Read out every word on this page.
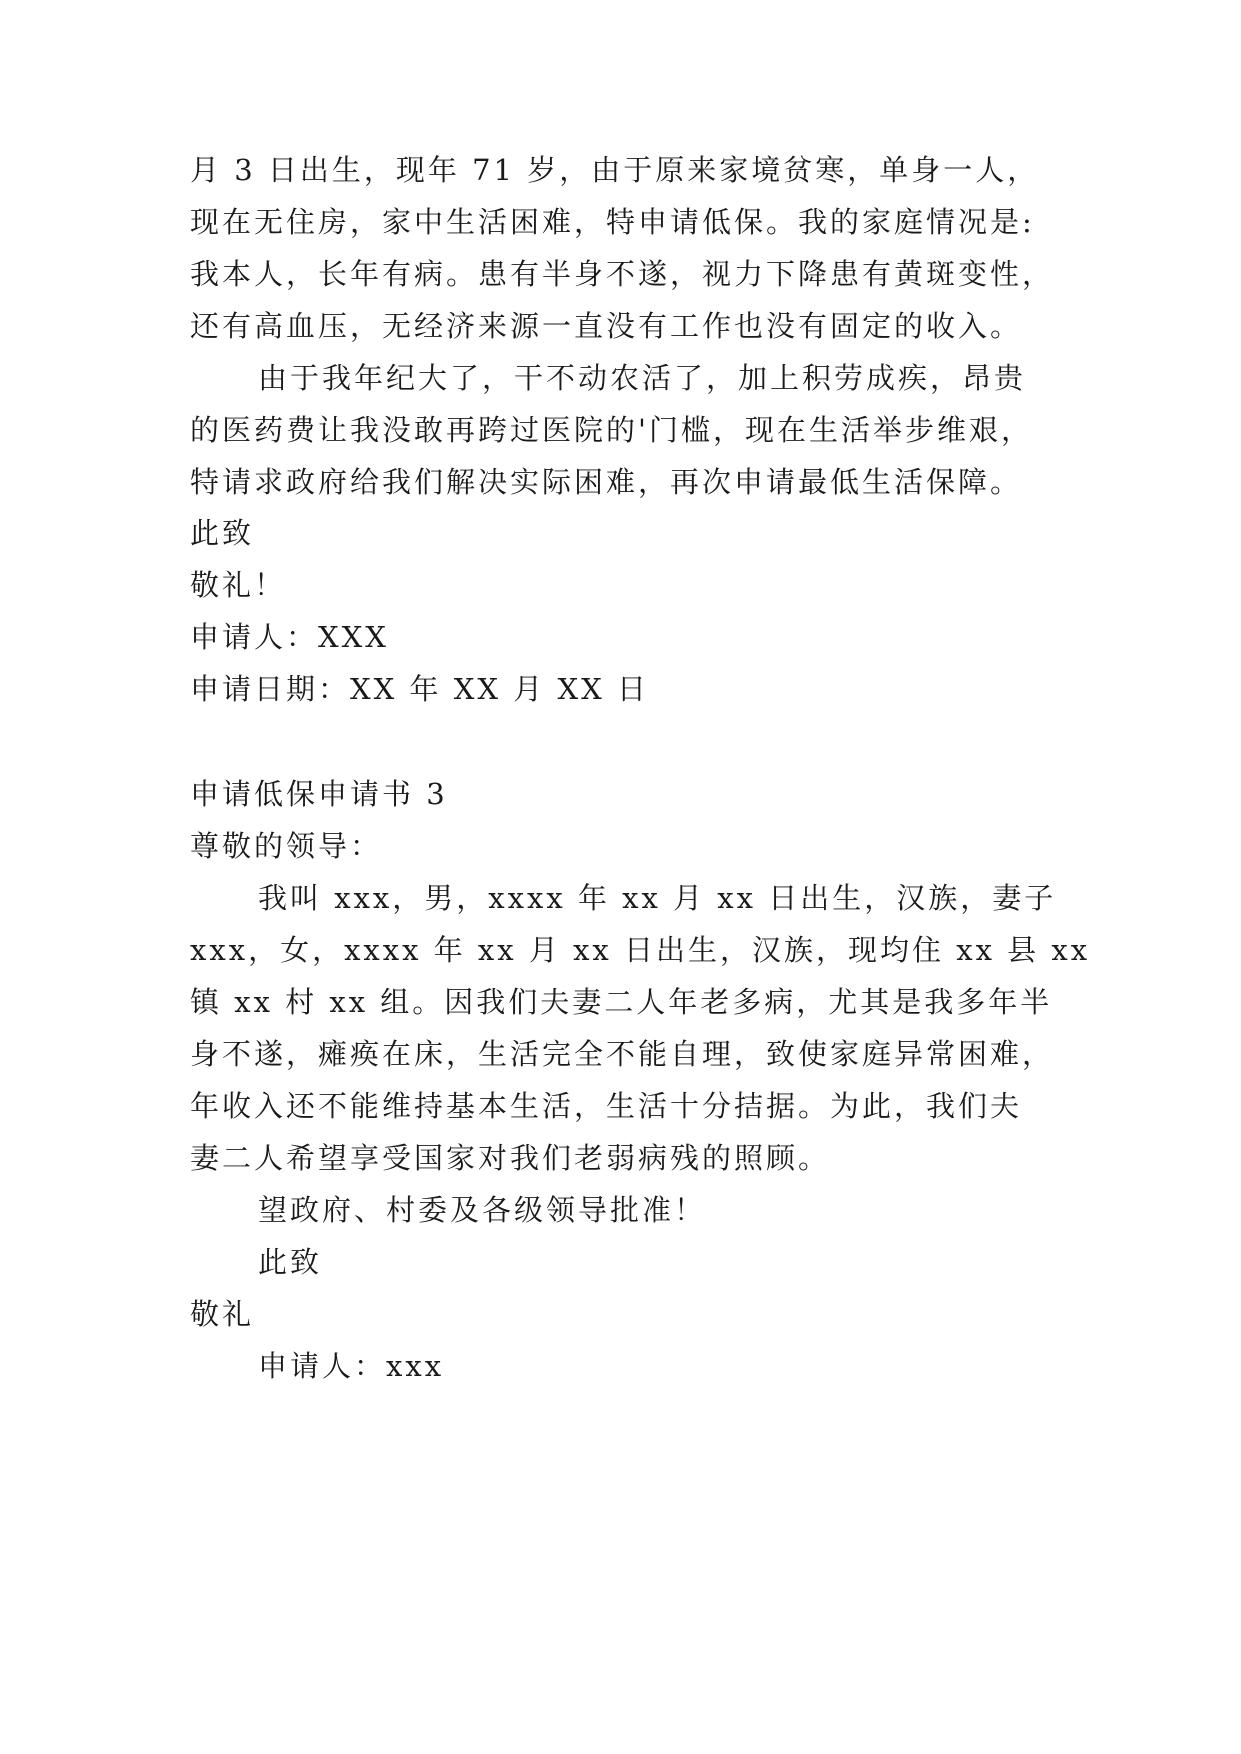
月 3 日出生，现年 71 岁，由于原来家境贫寒，单身一人，
现在无住房，家中生活困难，特申请低保。我的家庭情况是:
我本人，长年有病。患有半身不遂，视力下降患有黄斑变性，
还有高血压，无经济来源一直没有工作也没有固定的收入。
由于我年纪大了，干不动农活了，加上积劳成疾，昂贵
的医药费让我没敢再跨过医院的'门槛，现在生活举步维艰，
特请求政府给我们解决实际困难，再次申请最低生活保障。
此致
敬礼！
申请人：XXX
申请日期：XX 年 XX 月 XX 日
申请低保申请书 3
尊敬的领导：
我叫 xxx，男，xxxx 年 xx 月 xx 日出生，汉族，妻子
xxx，女，xxxx 年 xx 月 xx 日出生，汉族，现均住 xx 县 xx
镇 xx 村 xx 组。因我们夫妻二人年老多病，尤其是我多年半
身不遂，瘫痪在床，生活完全不能自理，致使家庭异常困难，
年收入还不能维持基本生活，生活十分拮据。为此，我们夫
妻二人希望享受国家对我们老弱病残的照顾。
望政府、村委及各级领导批准！
此致
敬礼
申请人：xxx
